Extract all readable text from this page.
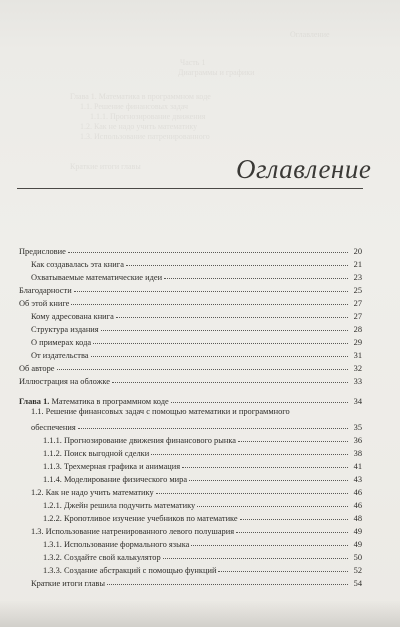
Оглавление
Часть 1
Диаграммы и графики
Глава 1. Математика в программном коде
1.1. Решение финансовых задач
1.1.1. Прогнозирование движения
1.2. Как не надо учить математику
1.3. Использование патренированного
Краткие итоги главы	Оглавление
Предисловие	20
Как создавалась эта книга	21
Охватываемые математические идеи	23
Благодарности	25
Об этой книге	27
Кому адресована книга	27
Структура издания	28
О примерах кода	29
От издательства	31
Об авторе	32
Иллюстрация на обложке	33
Глава 1. Математика в программном коде	34
1.1. Решение финансовых задач с помощью математики и программного
обеспечения	35
1.1.1. Прогнозирование движения финансового рынка	36
1.1.2. Поиск выгодной сделки	38
1.1.3. Трехмерная графика и анимация	41
1.1.4. Моделирование физического мира	43
1.2. Как не надо учить математику	46
1.2.1. Джейн решила подучить математику	46
1.2.2. Кропотливое изучение учебников по математике	48
1.3. Использование натренированного левого полушария	49
1.3.1. Использование формального языка	49
1.3.2. Создайте свой калькулятор	50
1.3.3. Создание абстракций с помощью функций	52
Краткие итоги главы	54
